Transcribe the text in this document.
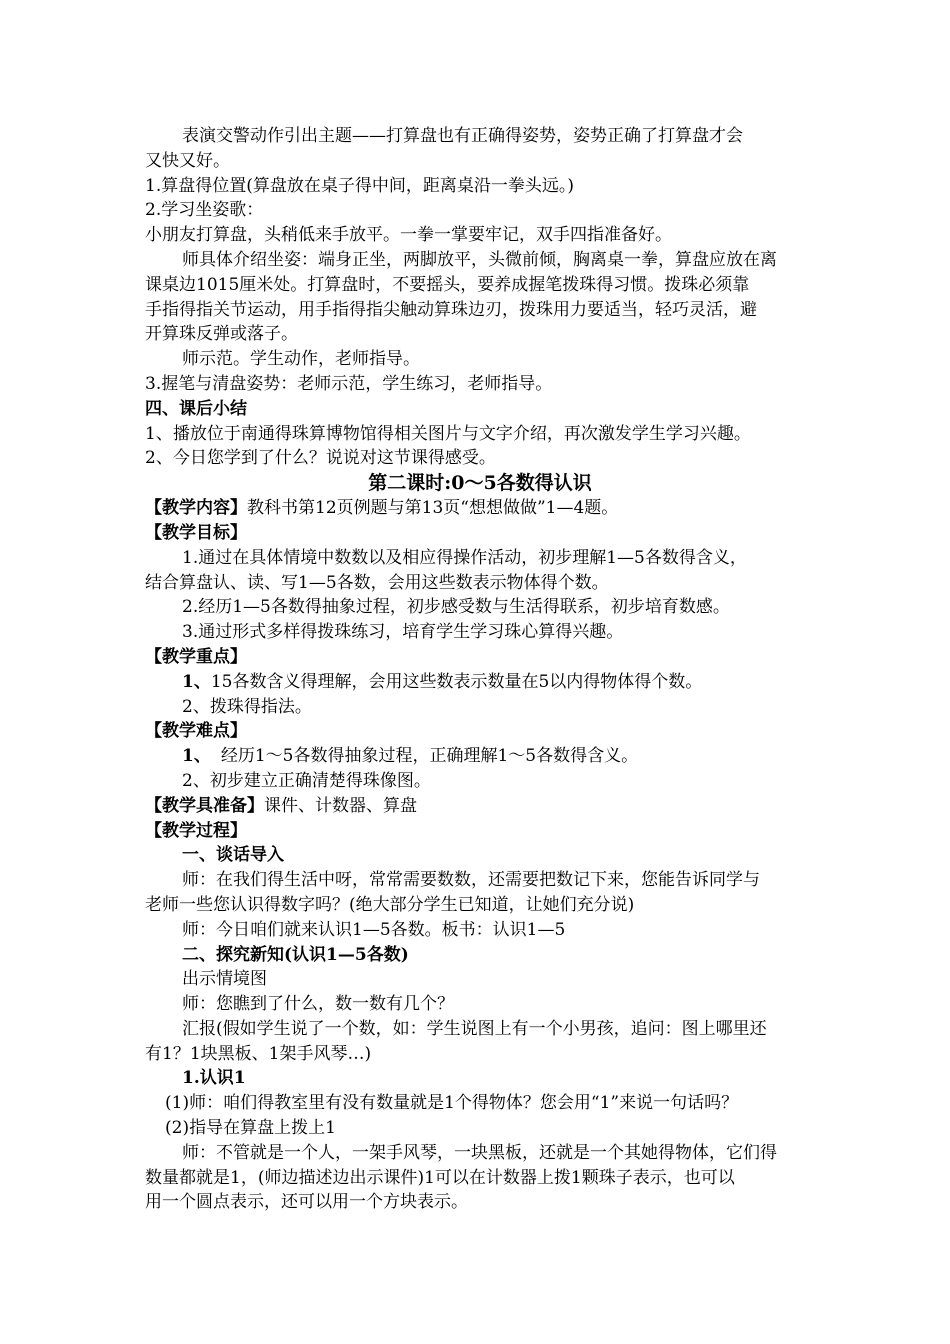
表演交警动作引出主题——打算盘也有正确得姿势，姿势正确了打算盘才会
又快又好。
1.算盘得位置(算盘放在桌子得中间，距离桌沿一拳头远。)
2.学习坐姿歌：
小朋友打算盘，头稍低来手放平。一拳一掌要牢记，双手四指准备好。
师具体介绍坐姿：端身正坐，两脚放平，头微前倾，胸离桌一拳，算盘应放在离
课桌边1015厘米处。打算盘时，不要摇头，要养成握笔拨珠得习惯。拨珠必须靠
手指得指关节运动，用手指得指尖触动算珠边刃，拨珠用力要适当，轻巧灵活，避
开算珠反弹或落子。
师示范。学生动作，老师指导。
3.握笔与清盘姿势：老师示范，学生练习，老师指导。
四、课后小结
1、播放位于南通得珠算博物馆得相关图片与文字介绍，再次激发学生学习兴趣。
2、今日您学到了什么？说说对这节课得感受。
第二课时:0～5各数得认识
【教学内容】教科书第12页例题与第13页“想想做做”1—4题。
【教学目标】
1.通过在具体情境中数数以及相应得操作活动，初步理解1—5各数得含义，
结合算盘认、读、写1—5各数，会用这些数表示物体得个数。
2.经历1—5各数得抽象过程，初步感受数与生活得联系，初步培育数感。
3.通过形式多样得拨珠练习，培育学生学习珠心算得兴趣。
【教学重点】
1、15各数含义得理解，会用这些数表示数量在5以内得物体得个数。
2、拨珠得指法。
【教学难点】
1、 经历1～5各数得抽象过程，正确理解1～5各数得含义。
2、初步建立正确清楚得珠像图。
【教学具准备】课件、计数器、算盘
【教学过程】
一、谈话导入
师：在我们得生活中呀，常常需要数数，还需要把数记下来，您能告诉同学与
老师一些您认识得数字吗？(绝大部分学生已知道，让她们充分说)
师：今日咱们就来认识1—5各数。板书：认识1—5
二、探究新知(认识1—5各数)
出示情境图
师：您瞧到了什么，数一数有几个？
汇报(假如学生说了一个数，如：学生说图上有一个小男孩，追问：图上哪里还
有1？1块黑板、1架手风琴…)
1.认识1
(1)师：咱们得教室里有没有数量就是1个得物体？您会用“1”来说一句话吗？
(2)指导在算盘上拨上1
师：不管就是一个人，一架手风琴，一块黑板，还就是一个其她得物体，它们得
数量都就是1，(师边描述边出示课件)1可以在计数器上拨1颗珠子表示，也可以
用一个圆点表示，还可以用一个方块表示。
